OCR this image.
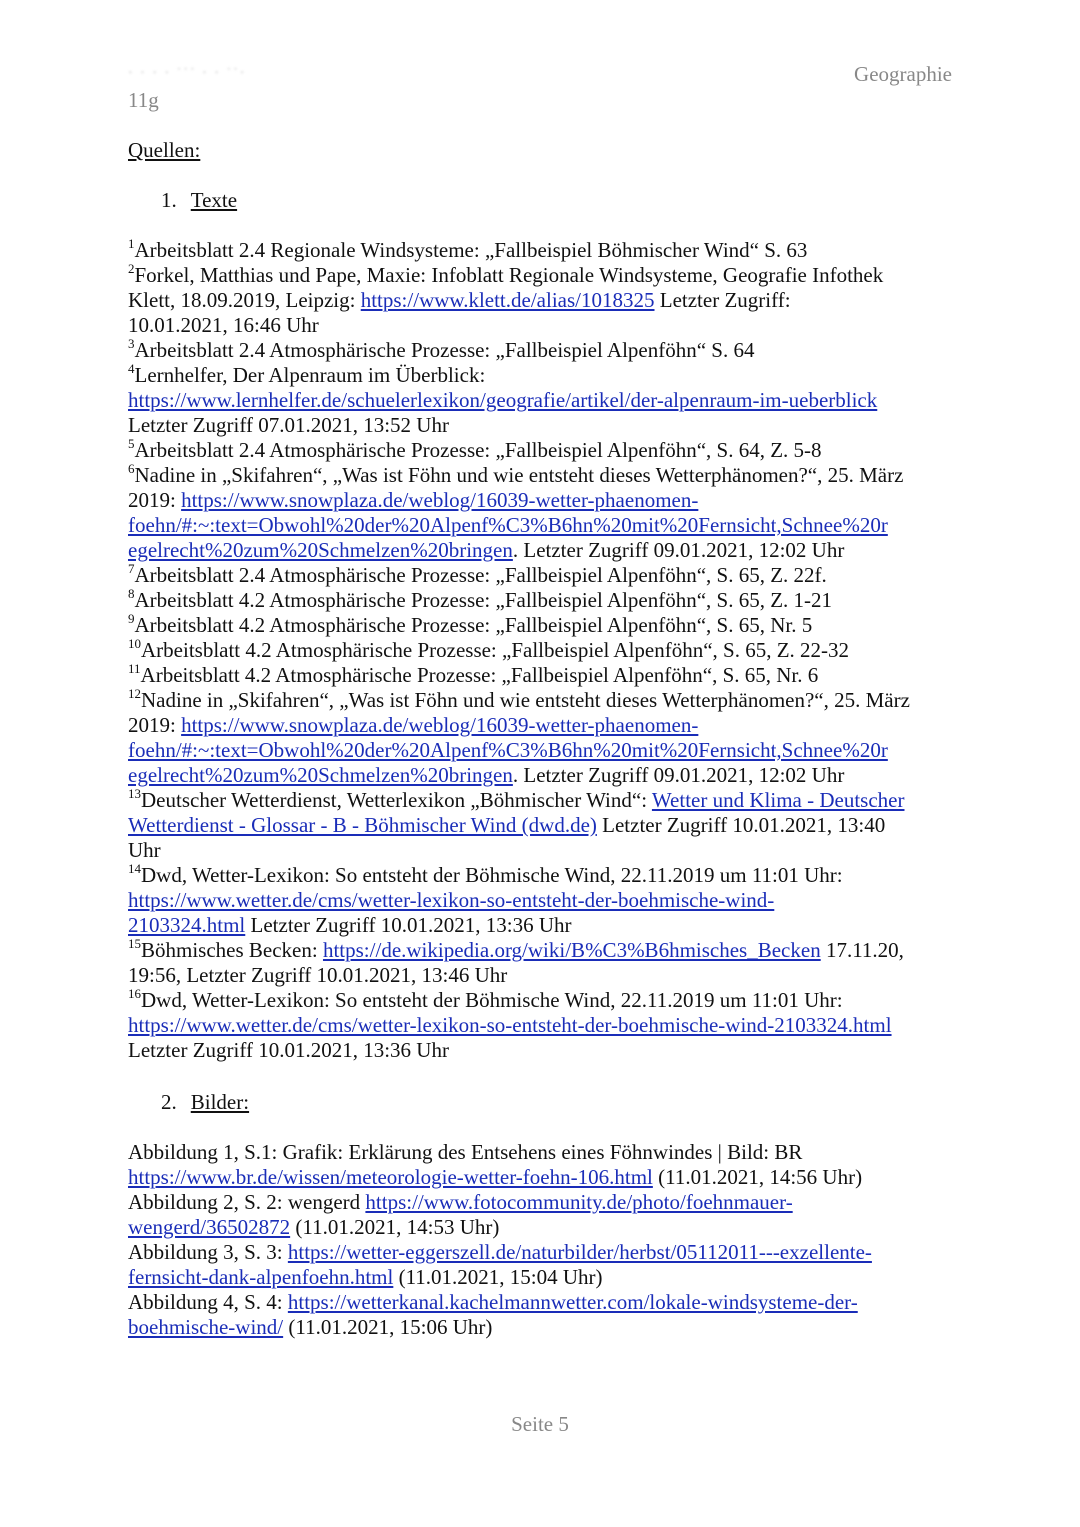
· · · · ˙˙˙ · · ˙˙·
11g
Geographie
Quellen:
1. Texte

$^1$Arbeitsblatt 2.4 Regionale Windsysteme: „Fallbeispiel Böhmischer Wind“ S. 63

$^2$Forkel, Matthias und Pape, Maxie: Infoblatt Regionale Windsysteme, Geografie Infothek

Klett, 18.09.2019, Leipzig: https://www.klett.de/alias/1018325 Letzter Zugriff:

10.01.2021, 16:46 Uhr

$^3$Arbeitsblatt 2.4 Atmosphärische Prozesse: „Fallbeispiel Alpenföhn“ S. 64

$^4$Lernhelfer, Der Alpenraum im Überblick:

https://www.lernhelfer.de/schuelerlexikon/geografie/artikel/der-alpenraum-im-ueberblick

Letzter Zugriff 07.01.2021, 13:52 Uhr

$^5$Arbeitsblatt 2.4 Atmosphärische Prozesse: „Fallbeispiel Alpenföhn“, S. 64, Z. 5-8

$^6$Nadine in „Skifahren“, „Was ist Föhn und wie entsteht dieses Wetterphänomen?“, 25. März

2019: https://www.snowplaza.de/weblog/16039-wetter-phaenomen-

foehn/#:~:text=Obwohl%20der%20Alpenf%C3%B6hn%20mit%20Fernsicht,Schnee%20r

egelrecht%20zum%20Schmelzen%20bringen. Letzter Zugriff 09.01.2021, 12:02 Uhr

$^7$Arbeitsblatt 2.4 Atmosphärische Prozesse: „Fallbeispiel Alpenföhn“, S. 65, Z. 22f.

$^8$Arbeitsblatt 4.2 Atmosphärische Prozesse: „Fallbeispiel Alpenföhn“, S. 65, Z. 1-21

$^9$Arbeitsblatt 4.2 Atmosphärische Prozesse: „Fallbeispiel Alpenföhn“, S. 65, Nr. 5

$^{10}$Arbeitsblatt 4.2 Atmosphärische Prozesse: „Fallbeispiel Alpenföhn“, S. 65, Z. 22-32

$^{11}$Arbeitsblatt 4.2 Atmosphärische Prozesse: „Fallbeispiel Alpenföhn“, S. 65, Nr. 6

$^{12}$Nadine in „Skifahren“, „Was ist Föhn und wie entsteht dieses Wetterphänomen?“, 25. März

2019: https://www.snowplaza.de/weblog/16039-wetter-phaenomen-

foehn/#:~:text=Obwohl%20der%20Alpenf%C3%B6hn%20mit%20Fernsicht,Schnee%20r

egelrecht%20zum%20Schmelzen%20bringen. Letzter Zugriff 09.01.2021, 12:02 Uhr

$^{13}$Deutscher Wetterdienst, Wetterlexikon „Böhmischer Wind“: Wetter und Klima - Deutscher

Wetterdienst - Glossar - B - Böhmischer Wind (dwd.de) Letzter Zugriff 10.01.2021, 13:40

Uhr

$^{14}$Dwd, Wetter-Lexikon: So entsteht der Böhmische Wind, 22.11.2019 um 11:01 Uhr:

https://www.wetter.de/cms/wetter-lexikon-so-entsteht-der-boehmische-wind-

2103324.html Letzter Zugriff 10.01.2021, 13:36 Uhr

$^{15}$Böhmisches Becken: https://de.wikipedia.org/wiki/B%C3%B6hmisches_Becken 17.11.20,

19:56, Letzter Zugriff 10.01.2021, 13:46 Uhr

$^{16}$Dwd, Wetter-Lexikon: So entsteht der Böhmische Wind, 22.11.2019 um 11:01 Uhr:

https://www.wetter.de/cms/wetter-lexikon-so-entsteht-der-boehmische-wind-2103324.html

Letzter Zugriff 10.01.2021, 13:36 Uhr

2. Bilder:

Abbildung 1, S.1: Grafik: Erklärung des Entsehens eines Föhnwindes | Bild: BR

https://www.br.de/wissen/meteorologie-wetter-foehn-106.html (11.01.2021, 14:56 Uhr)

Abbildung 2, S. 2: wengerd https://www.fotocommunity.de/photo/foehnmauer-

wengerd/36502872 (11.01.2021, 14:53 Uhr)

Abbildung 3, S. 3: https://wetter-eggerszell.de/naturbilder/herbst/05112011---exzellente-

fernsicht-dank-alpenfoehn.html (11.01.2021, 15:04 Uhr)

Abbildung 4, S. 4: https://wetterkanal.kachelmannwetter.com/lokale-windsysteme-der-

boehmische-wind/ (11.01.2021, 15:06 Uhr)

Seite 5
